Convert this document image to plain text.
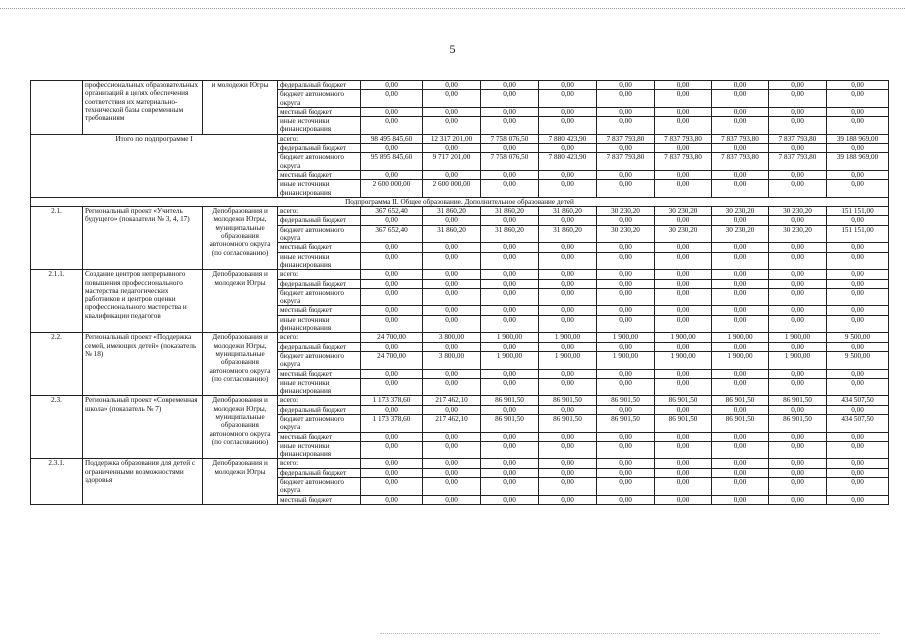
5
	профессиональных образовательных организаций в целях обеспечения соответствия их материально-технической базы современным требованиям	и молодежи Югры	федеральный бюджет	0,00	0,00	0,00	0,00	0,00	0,00	0,00	0,00	0,00
			бюджет автономного округа	0,00	0,00	0,00	0,00	0,00	0,00	0,00	0,00	0,00
			местный бюджет	0,00	0,00	0,00	0,00	0,00	0,00	0,00	0,00	0,00
			иные источники финансирования	0,00	0,00	0,00	0,00	0,00	0,00	0,00	0,00	0,00
Итого по подпрограмме I			всего:	98 495 845,60	12 317 201,00	7 758 076,50	7 880 423,90	7 837 793,80	7 837 793,80	7 837 793,80	7 837 793,80	39 188 969,00
			федеральный бюджет	0,00	0,00	0,00	0,00	0,00	0,00	0,00	0,00	0,00
			бюджет автономного округа	95 895 845,60	9 717 201,00	7 758 076,50	7 880 423,90	7 837 793,80	7 837 793,80	7 837 793,80	7 837 793,80	39 188 969,00
			местный бюджет	0,00	0,00	0,00	0,00	0,00	0,00	0,00	0,00	0,00
			иные источники финансирования	2 600 000,00	2 600 000,00	0,00	0,00	0,00	0,00	0,00	0,00	0,00
Подпрограмма II. Общее образование. Дополнительное образование детей												
2.1.	Региональный проект «Учитель будущего» (показатели № 3, 4, 17)	Депобразования и молодежи Югры, муниципальные образования автономного округа (по согласованию)	всего:	367 652,40	31 860,20	31 860,20	31 860,20	30 230,20	30 230,20	30 230,20	30 230,20	151 151,00
			федеральный бюджет	0,00	0,00	0,00	0,00	0,00	0,00	0,00	0,00	0,00
			бюджет автономного округа	367 652,40	31 860,20	31 860,20	31 860,20	30 230,20	30 230,20	30 230,20	30 230,20	151 151,00
			местный бюджет	0,00	0,00	0,00	0,00	0,00	0,00	0,00	0,00	0,00
			иные источники финансирования	0,00	0,00	0,00	0,00	0,00	0,00	0,00	0,00	0,00
2.1.1.	Создание центров непрерывного повышения профессионального мастерства педагогических работников и центров оценки профессионального мастерства и квалификации педагогов	Депобразования и молодежи Югры	всего:	0,00	0,00	0,00	0,00	0,00	0,00	0,00	0,00	0,00
			федеральный бюджет	0,00	0,00	0,00	0,00	0,00	0,00	0,00	0,00	0,00
			бюджет автономного округа	0,00	0,00	0,00	0,00	0,00	0,00	0,00	0,00	0,00
			местный бюджет	0,00	0,00	0,00	0,00	0,00	0,00	0,00	0,00	0,00
			иные источники финансирования	0,00	0,00	0,00	0,00	0,00	0,00	0,00	0,00	0,00
2.2.	Региональный проект «Поддержка семей, имеющих детей» (показатель № 18)	Депобразования и молодежи Югры, муниципальные образования автономного округа (по согласованию)	всего:	24 700,00	3 800,00	1 900,00	1 900,00	1 900,00	1 900,00	1 900,00	1 900,00	9 500,00
			федеральный бюджет	0,00	0,00	0,00	0,00	0,00	0,00	0,00	0,00	0,00
			бюджет автономного округа	24 700,00	3 800,00	1 900,00	1 900,00	1 900,00	1 900,00	1 900,00	1 900,00	9 500,00
			местный бюджет	0,00	0,00	0,00	0,00	0,00	0,00	0,00	0,00	0,00
			иные источники финансирования	0,00	0,00	0,00	0,00	0,00	0,00	0,00	0,00	0,00
2.3.	Региональный проект «Современная школа» (показатель № 7)	Депобразования и молодежи Югры, муниципальные образования автономного округа (по согласованию)	всего:	1 173 378,60	217 462,10	86 901,50	86 901,50	86 901,50	86 901,50	86 901,50	86 901,50	434 507,50
			федеральный бюджет	0,00	0,00	0,00	0,00	0,00	0,00	0,00	0,00	0,00
			бюджет автономного округа	1 173 378,60	217 462,10	86 901,50	86 901,50	86 901,50	86 901,50	86 901,50	86 901,50	434 507,50
			местный бюджет	0,00	0,00	0,00	0,00	0,00	0,00	0,00	0,00	0,00
			иные источники финансирования	0,00	0,00	0,00	0,00	0,00	0,00	0,00	0,00	0,00
2.3.1.	Поддержка образования для детей с ограниченными возможностями здоровья	Депобразования и молодежи Югры	всего:	0,00	0,00	0,00	0,00	0,00	0,00	0,00	0,00	0,00
			федеральный бюджет	0,00	0,00	0,00	0,00	0,00	0,00	0,00	0,00	0,00
			бюджет автономного округа	0,00	0,00	0,00	0,00	0,00	0,00	0,00	0,00	0,00
			местный бюджет	0,00	0,00	0,00	0,00	0,00	0,00	0,00	0,00	0,00
